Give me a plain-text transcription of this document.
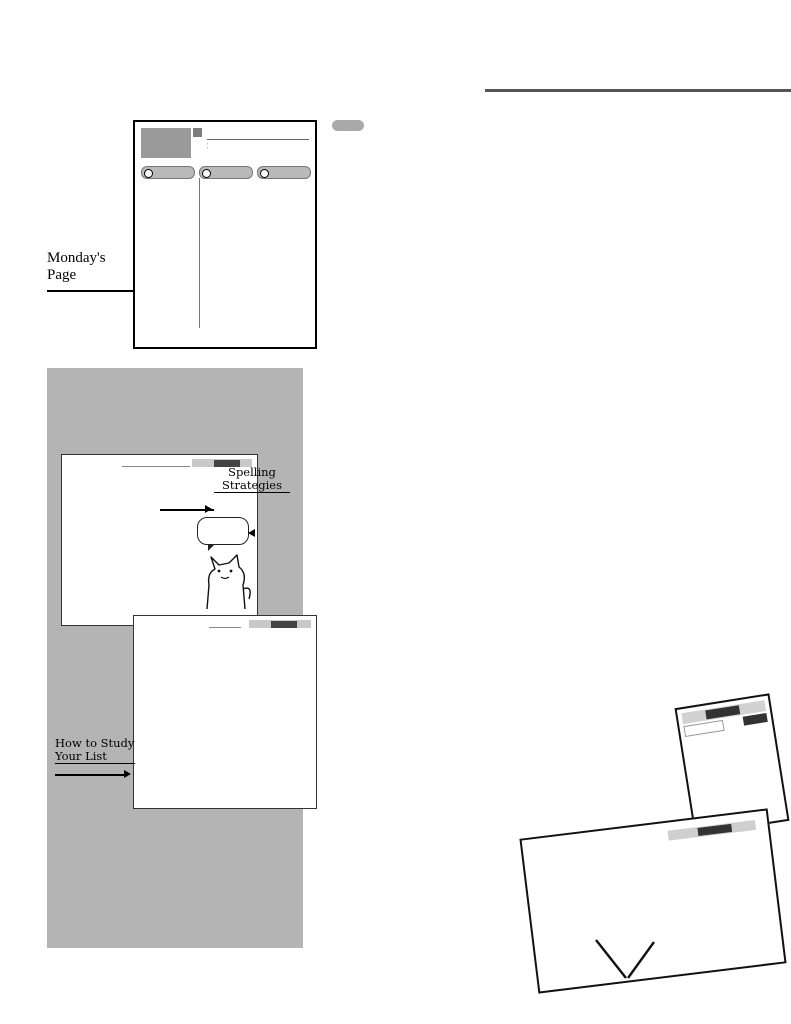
Monday's
Page
•
•
Spelling
Strategies
How to Study
Your List
